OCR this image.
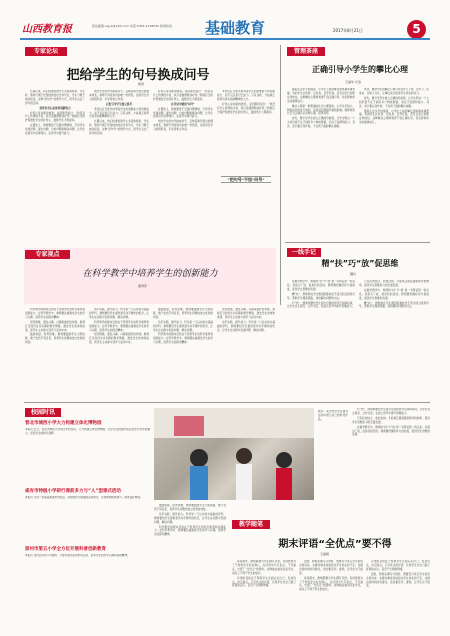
山西教育报	报社邮箱:sxjyb@163.com 电话:0351-4728530 新闻热线	基础教育	2017年8月21日	5
专家论坛
把给学生的句号换成问号
蒋涛

长期以来，我们的课堂教学大多是教师讲、学生听，教师习惯于把现成的结论告诉学生，学生习惯于被动接受。这种“给句号”的教学方式，使学生失去了思考的空间。

培养好奇心是改革创新的力

好奇心是创新的源泉。爱因斯坦说过：“我没有什么特殊的才能，我只是激情般地好奇。”教师应当保护和激发学生的好奇心，鼓励学生大胆提问。

在课堂上，教师要善于设置问题情境，引导学生发现问题、提出问题、分析问题和解决问题，让学生在探究中获得知识，在思考中提升能力。

把给学生的句号换成问号，意味着教学观念的根本转变。教师不再是知识的唯一传授者，而是学生学习的组织者、引导者和合作者。

启发引导学生独立思考

考试也应当更多地考查学生的思维能力和创新能力，而不仅仅是记忆能力。只有这样，才能真正培养出具有创新精神的人才。

长期以来，我们的课堂教学大多是教师讲、学生听，教师习惯于把现成的结论告诉学生，学生习惯于被动接受。这种“给句号”的教学方式，使学生失去了思考的空间。

好奇心是创新的源泉。爱因斯坦说过：“我没有什么特殊的才能，我只是激情般地好奇。”教师应当保护和激发学生的好奇心，鼓励学生大胆提问。

在考试中做到“问号”

在课堂上，教师要善于设置问题情境，引导学生发现问题、提出问题、分析问题和解决问题，让学生在探究中获得知识，在思考中提升能力。

把给学生的句号换成问号，意味着教学观念的根本转变。教师不再是知识的唯一传授者，而是学生学习的组织者、引导者和合作者。

考试也应当更多地考查学生的思维能力和创新能力，而不仅仅是记忆能力。只有这样，才能真正培养出具有创新精神的人才。

好奇心是创新的源泉。爱因斯坦说过：“我没有什么特殊的才能，我只是激情般地好奇。”教师应当保护和激发学生的好奇心，鼓励学生大胆提问。

“把句号”不如“问号”
管理茶座
正确引导小学生的攀比心理
王丽华 长治

随着生活水平的提高，小学生之间的攀比现象越来越普遍。有的学生比吃穿、比玩具、比零花钱，甚至比家长的职业和地位。这种攀比心理如果得不到正确引导，将会影响学生的健康成长。

攀比心理是一种普遍的社会心理现象。小学生年龄小，辨别是非的能力较弱，容易受到周围环境的影响。教师和家长应当正确认识这种心理，因势利导。

首先，要引导学生树立正确的价值观，让学生明白一个人的价值不在于拥有多少物质财富，而在于品德和能力。其次，家长要以身作则，不在孩子面前攀比炫耀。

再次，要把学生的攀比心理引导到学习上来，比学习、比进步、比助人为乐，让攀比成为促进学生进步的动力。

首先，要引导学生树立正确的价值观，让学生明白一个人的价值不在于拥有多少物质财富，而在于品德和能力。其次，家长要以身作则，不在孩子面前攀比炫耀。

随着生活水平的提高，小学生之间的攀比现象越来越普遍。有的学生比吃穿、比玩具、比零花钱，甚至比家长的职业和地位。这种攀比心理如果得不到正确引导，将会影响学生的健康成长。

专家视点
在科学教学中培养学生的创新能力
郝秀萍

科学教学的根本目的在于培养学生的科学素养和创新能力。在科学教学中，教师要注重激发学生的学习兴趣，培养学生的探究精神。

创设情境，激发兴趣。兴趣是最好的老师。教师应当创设生动有趣的教学情境，激发学生的求知欲望，使学生主动参与到学习活动中来。

鼓励质疑，培养思维。教师要鼓励学生大胆质疑，敢于发表不同意见，培养学生思维的独立性和批判性。

动手实践，提升能力。科学是一门以实验为基础的学科，教师要给学生提供更多动手操作的机会，让学生在实践中发现问题、解决问题。

科学教学的根本目的在于培养学生的科学素养和创新能力。在科学教学中，教师要注重激发学生的学习兴趣，培养学生的探究精神。

创设情境，激发兴趣。兴趣是最好的老师。教师应当创设生动有趣的教学情境，激发学生的求知欲望，使学生主动参与到学习活动中来。

鼓励质疑，培养思维。教师要鼓励学生大胆质疑，敢于发表不同意见，培养学生思维的独立性和批判性。

动手实践，提升能力。科学是一门以实验为基础的学科，教师要给学生提供更多动手操作的机会，让学生在实践中发现问题、解决问题。

科学教学的根本目的在于培养学生的科学素养和创新能力。在科学教学中，教师要注重激发学生的学习兴趣，培养学生的探究精神。

创设情境，激发兴趣。兴趣是最好的老师。教师应当创设生动有趣的教学情境，激发学生的求知欲望，使学生主动参与到学习活动中来。

动手实践，提升能力。科学是一门以实验为基础的学科，教师要给学生提供更多动手操作的机会，让学生在实践中发现问题、解决问题。

一线手记
精“扶”巧“放”促思维
魏玲

在数学教学中，教师的“扶”与“放”是一对辩证统一的关系。扶是为了放，放是扶的目的。教师要把握好扶与放的度，促进学生思维的发展。

精“扶”，即教师在学生遇到困难时给予适当的点拨和引导，帮助学生理清思路，找到解决问题的方法。

巧“放”，即教师要给学生留出足够的思考空间和时间，让学生自主探究、合作交流，在独立思考中提升思维能力。

只有扶放结合、收放自如，才能真正提高课堂教学的效率，促进学生思维能力的全面发展。

在数学教学中，教师的“扶”与“放”是一对辩证统一的关系。扶是为了放，放是扶的目的。教师要把握好扶与放的度，促进学生思维的发展。

精“扶”，即教师在学生遇到困难时给予适当的点拨和引导，帮助学生理清思路，找到解决问题的方法。

校园时讯
晋北市城西小学大力构建立体化博物园
本报讯 近日，晋北市城西小学结合学校实际，大力构建立体化博物园，让学生在校园中感受自然与科学的魅力，拓宽学生的知识视野。
咸有市特级小学研行课前多力与“人”型课式活动
本报讯 为进一步提高课堂教学质量，该校组织开展课前活动研讨，全体教师积极参与，取得良好效果。
原州市第五小学全方位开展科普创新教育
本报讯 该校以科技节为载体，开展丰富多彩的科普活动，培养学生的科学兴趣和创新精神。
图为：某学校学生在课外活动中展示自己的科技作品。

巧“放”，即教师要给学生留出足够的思考空间和时间，让学生自主探究、合作交流，在独立思考中提升思维能力。

只有扶放结合、收放自如，才能真正提高课堂教学的效率，促进学生思维能力的全面发展。

在数学教学中，教师的“扶”与“放”是一对辩证统一的关系。扶是为了放，放是扶的目的。教师要把握好扶与放的度，促进学生思维的发展。

鼓励质疑，培养思维。教师要鼓励学生大胆质疑，敢于发表不同意见，培养学生思维的独立性和批判性。

动手实践，提升能力。科学是一门以实验为基础的学科，教师要给学生提供更多动手操作的机会，让学生在实践中发现问题、解决问题。

科学教学的根本目的在于培养学生的科学素养和创新能力。在科学教学中，教师要注重激发学生的学习兴趣，培养学生的探究精神。

教学随笔
期末评语“全优点”要不得
王丽颖

每到期末，教师都要为学生撰写评语。有的教师为了不伤害学生的自尊心，在评语中只写优点，不写缺点，出现了“全优点”的现象。这种做法看似关爱学生，实际上不利于学生的成长。

评语的目的在于帮助学生全面认识自己，发扬优点，改正缺点。只写优点的评语，会使学生对自己缺乏客观的认识，甚至产生骄傲情绪。

因此，教师在撰写评语时，既要充分肯定学生的优点和进步，也要实事求是地指出学生存在的不足，并提出具体的改进建议。语言要亲切、委婉，让学生乐于接受。

每到期末，教师都要为学生撰写评语。有的教师为了不伤害学生的自尊心，在评语中只写优点，不写缺点，出现了“全优点”的现象。这种做法看似关爱学生，实际上不利于学生的成长。

评语的目的在于帮助学生全面认识自己，发扬优点，改正缺点。只写优点的评语，会使学生对自己缺乏客观的认识，甚至产生骄傲情绪。

因此，教师在撰写评语时，既要充分肯定学生的优点和进步，也要实事求是地指出学生存在的不足，并提出具体的改进建议。语言要亲切、委婉，让学生乐于接受。
